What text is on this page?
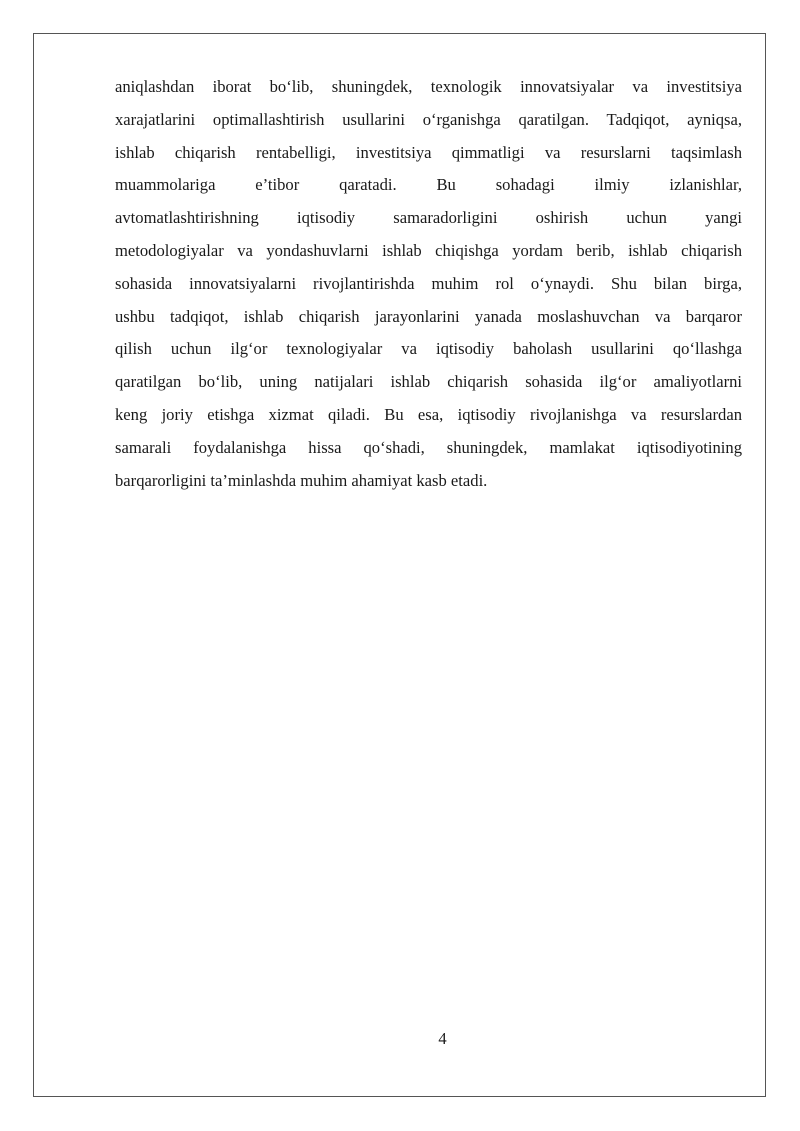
aniqlashdan iborat bo‘lib, shuningdek, texnologik innovatsiyalar va investitsiya
xarajatlarini optimallashtirish usullarini o‘rganishga qaratilgan. Tadqiqot, ayniqsa,
ishlab chiqarish rentabelligi, investitsiya qimmatligi va resurslarni taqsimlash
muammolariga e’tibor qaratadi. Bu sohadagi ilmiy izlanishlar,
avtomatlashtirishning iqtisodiy samaradorligini oshirish uchun yangi
metodologiyalar va yondashuvlarni ishlab chiqishga yordam berib, ishlab chiqarish
sohasida innovatsiyalarni rivojlantirishda muhim rol o‘ynaydi. Shu bilan birga,
ushbu tadqiqot, ishlab chiqarish jarayonlarini yanada moslashuvchan va barqaror
qilish uchun ilg‘or texnologiyalar va iqtisodiy baholash usullarini qo‘llashga
qaratilgan bo‘lib, uning natijalari ishlab chiqarish sohasida ilg‘or amaliyotlarni
keng joriy etishga xizmat qiladi. Bu esa, iqtisodiy rivojlanishga va resurslardan
samarali foydalanishga hissa qo‘shadi, shuningdek, mamlakat iqtisodiyotining
barqarorligini ta’minlashda muhim ahamiyat kasb etadi.
4
